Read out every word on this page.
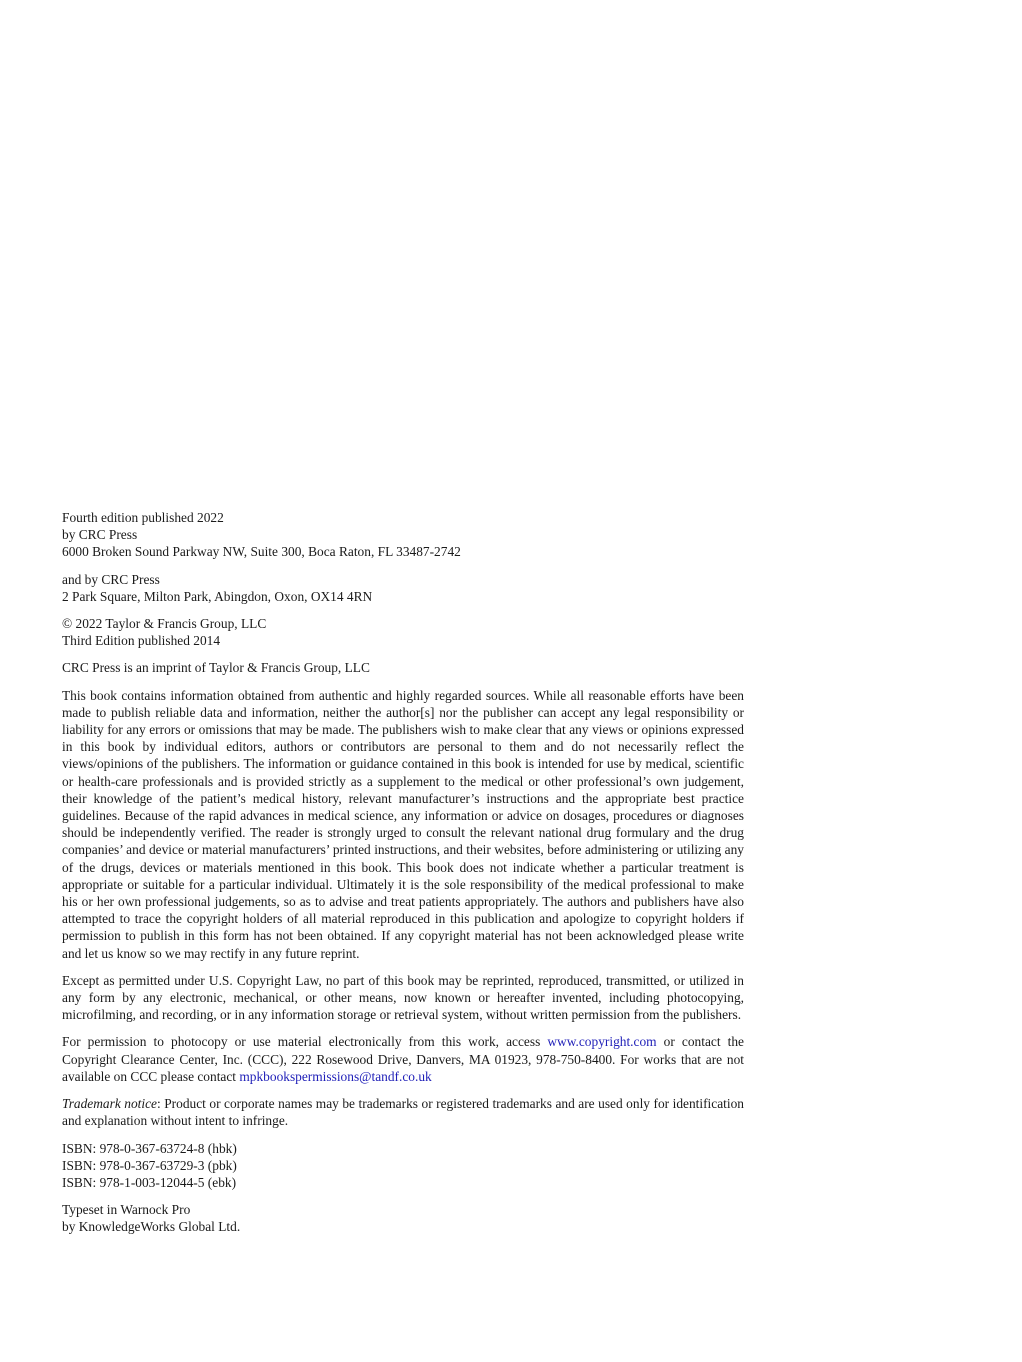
Fourth edition published 2022
by CRC Press
6000 Broken Sound Parkway NW, Suite 300, Boca Raton, FL 33487-2742
and by CRC Press
2 Park Square, Milton Park, Abingdon, Oxon, OX14 4RN
© 2022 Taylor & Francis Group, LLC
Third Edition published 2014
CRC Press is an imprint of Taylor & Francis Group, LLC

This book contains information obtained from authentic and highly regarded sources. While all reasonable efforts have been made to publish reliable data and information, neither the author[s] nor the publisher can accept any legal responsibility or liability for any errors or omissions that may be made. The publishers wish to make clear that any views or opinions expressed in this book by individual editors, authors or contributors are personal to them and do not necessarily reflect the views/opinions of the publishers. The information or guidance contained in this book is intended for use by medical, scientific or health-care professionals and is provided strictly as a supplement to the medical or other professional’s own judgement, their knowledge of the patient’s medical history, relevant manufacturer’s instructions and the appropriate best practice guidelines. Because of the rapid advances in medical science, any information or advice on dosages, procedures or diagnoses should be independently verified. The reader is strongly urged to consult the relevant national drug formulary and the drug companies’ and device or material manufacturers’ printed instructions, and their websites, before administering or utilizing any of the drugs, devices or materials mentioned in this book. This book does not indicate whether a particular treatment is appropriate or suitable for a particular individual. Ultimately it is the sole responsibility of the medical professional to make his or her own professional judgements, so as to advise and treat patients appropriately. The authors and publishers have also attempted to trace the copyright holders of all material reproduced in this publication and apologize to copyright holders if permission to publish in this form has not been obtained. If any copyright material has not been acknowledged please write and let us know so we may rectify in any future reprint.

Except as permitted under U.S. Copyright Law, no part of this book may be reprinted, reproduced, transmitted, or utilized in any form by any electronic, mechanical, or other means, now known or hereafter invented, including photocopying, microfilming, and recording, or in any information storage or retrieval system, without written permission from the publishers.

For permission to photocopy or use material electronically from this work, access www.copyright.com or contact the Copyright Clearance Center, Inc. (CCC), 222 Rosewood Drive, Danvers, MA 01923, 978-750-8400. For works that are not available on CCC please contact mpkbookspermissions@tandf.co.uk

Trademark notice: Product or corporate names may be trademarks or registered trademarks and are used only for identification and explanation without intent to infringe.

ISBN: 978-0-367-63724-8 (hbk)
ISBN: 978-0-367-63729-3 (pbk)
ISBN: 978-1-003-12044-5 (ebk)
Typeset in Warnock Pro
by KnowledgeWorks Global Ltd.
